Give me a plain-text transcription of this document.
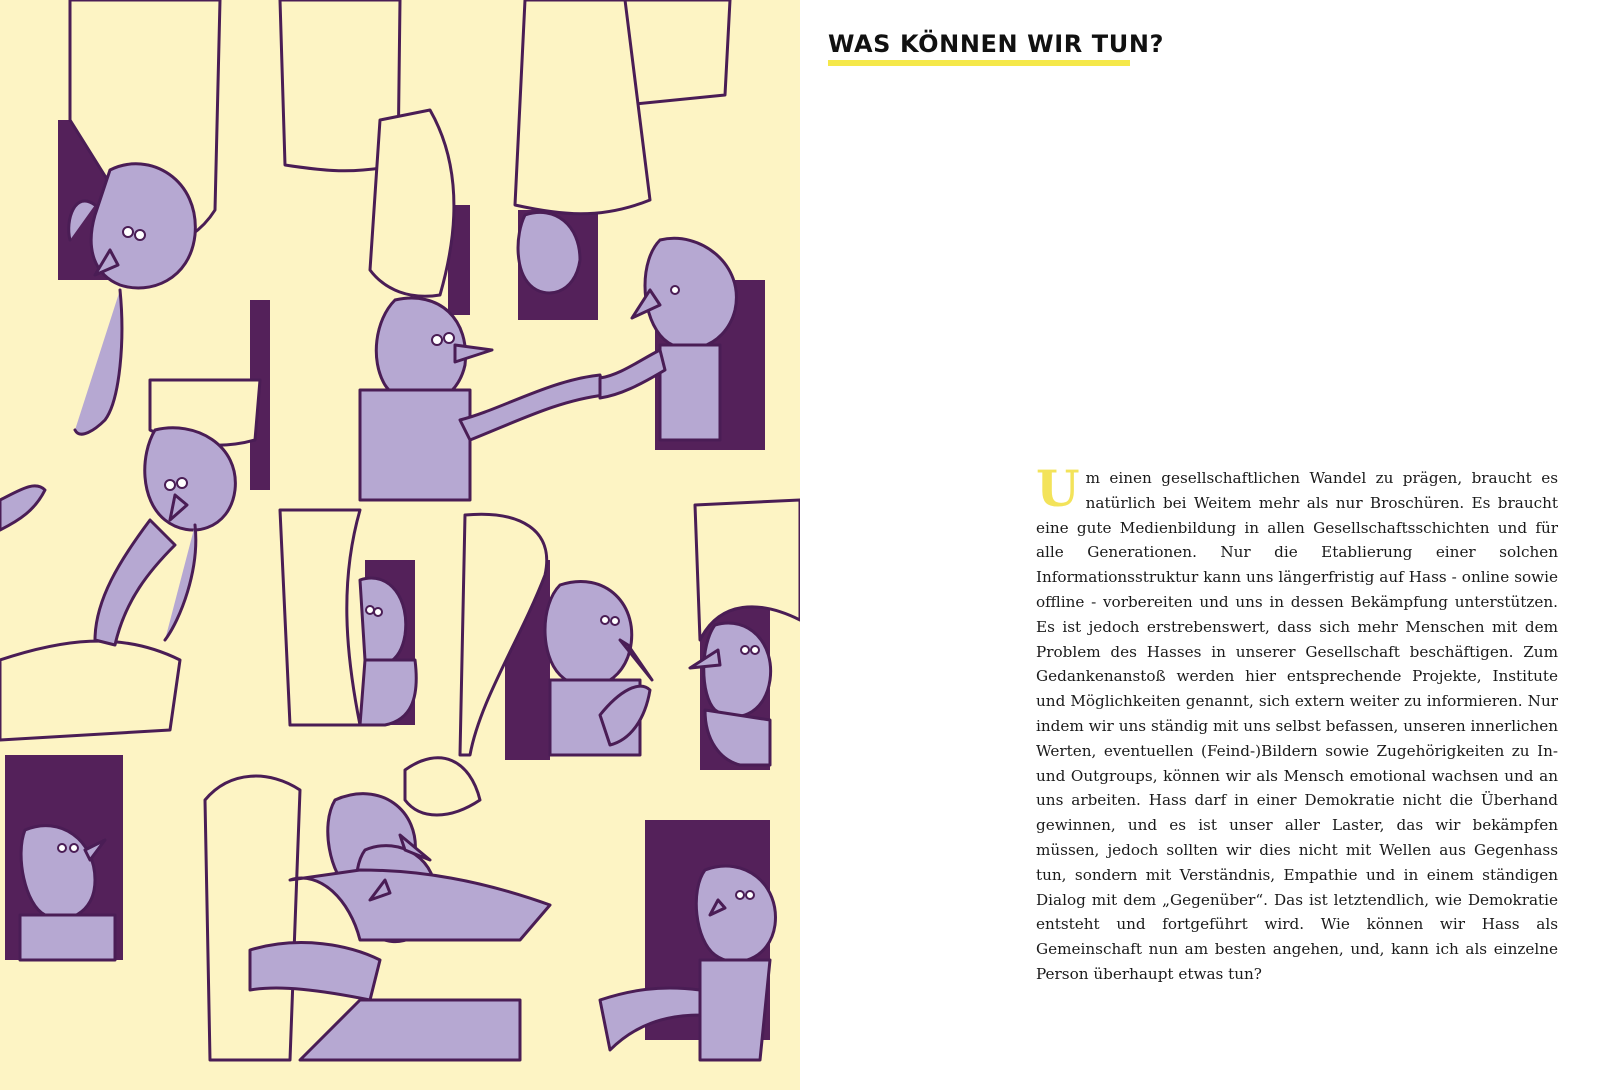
WAS KÖNNEN WIR TUN?

Um einen gesellschaftlichen Wandel zu prägen, braucht es natürlich bei Weitem mehr als nur Broschüren. Es braucht eine gute Medienbildung in allen Gesellschaftsschichten und für alle Generationen. Nur die Etablierung einer solchen Informationsstruktur kann uns längerfristig auf Hass - online sowie offline - vorbereiten und uns in dessen Bekämpfung unterstützen. Es ist jedoch erstrebenswert, dass sich mehr Menschen mit dem Problem des Hasses in unserer Gesellschaft beschäftigen. Zum Gedankenanstoß werden hier entsprechende Projekte, Institute und Möglichkeiten genannt, sich extern weiter zu informieren. Nur indem wir uns ständig mit uns selbst befassen, unseren innerlichen Werten, eventuellen (Feind-)Bildern sowie Zugehörigkeiten zu In- und Outgroups, können wir als Mensch emotional wachsen und an uns arbeiten. Hass darf in einer Demokratie nicht die Überhand gewinnen, und es ist unser aller Laster, das wir bekämpfen müssen, jedoch sollten wir dies nicht mit Wellen aus Gegenhass tun, sondern mit Verständnis, Empathie und in einem ständigen Dialog mit dem „Gegenüber“. Das ist letztendlich, wie Demokratie entsteht und fortgeführt wird. Wie können wir Hass als Gemeinschaft nun am besten angehen, und, kann ich als einzelne Person überhaupt etwas tun?
